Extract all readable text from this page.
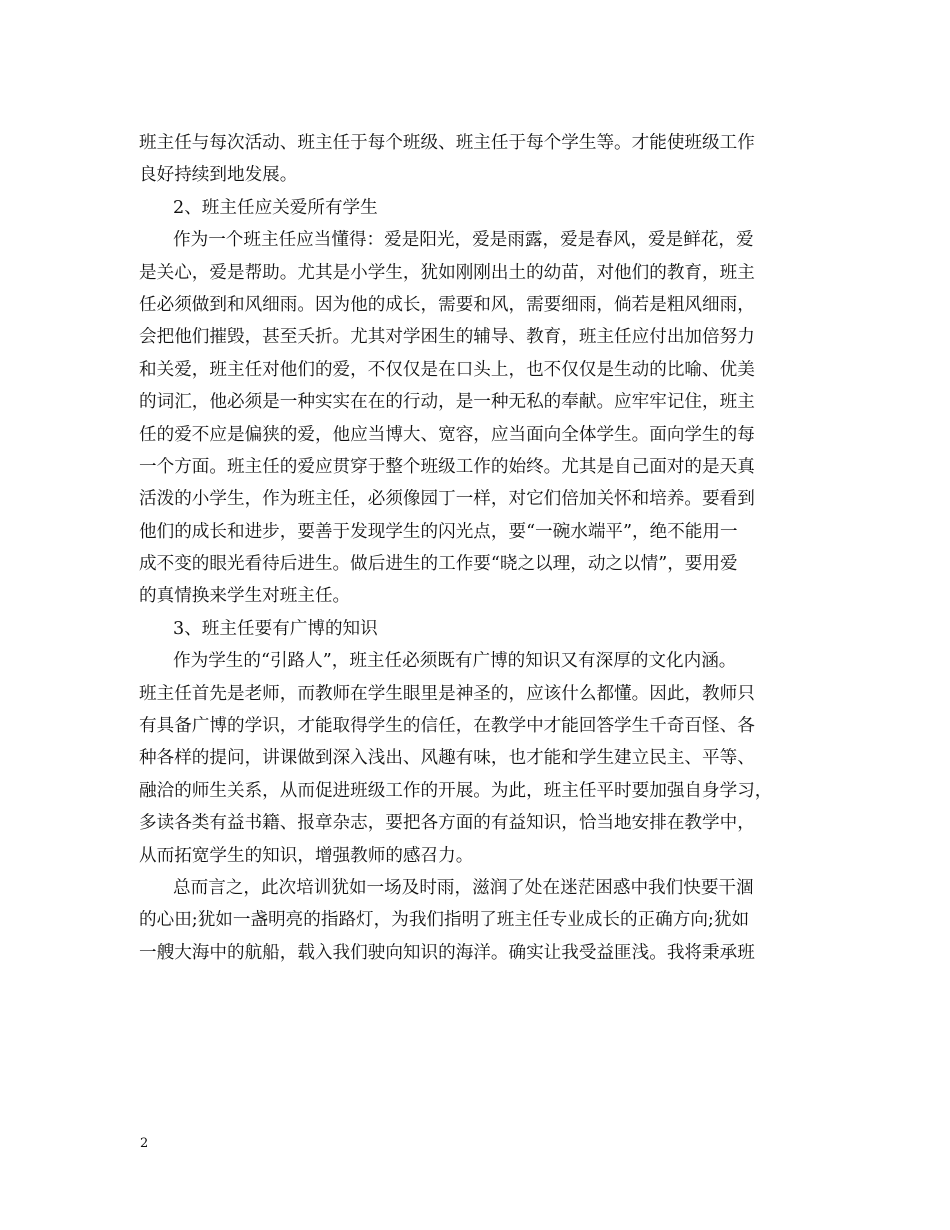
班主任与每次活动、班主任于每个班级、班主任于每个学生等。才能使班级工作
良好持续到地发展。
2、班主任应关爱所有学生
作为一个班主任应当懂得：爱是阳光，爱是雨露，爱是春风，爱是鲜花，爱
是关心，爱是帮助。尤其是小学生，犹如刚刚出土的幼苗，对他们的教育，班主
任必须做到和风细雨。因为他的成长，需要和风，需要细雨，倘若是粗风细雨，
会把他们摧毁，甚至夭折。尤其对学困生的辅导、教育，班主任应付出加倍努力
和关爱，班主任对他们的爱，不仅仅是在口头上，也不仅仅是生动的比喻、优美
的词汇，他必须是一种实实在在的行动，是一种无私的奉献。应牢牢记住，班主
任的爱不应是偏狭的爱，他应当博大、宽容，应当面向全体学生。面向学生的每
一个方面。班主任的爱应贯穿于整个班级工作的始终。尤其是自己面对的是天真
活泼的小学生，作为班主任，必须像园丁一样，对它们倍加关怀和培养。要看到
他们的成长和进步，要善于发现学生的闪光点，要“一碗水端平”，绝不能用一
成不变的眼光看待后进生。做后进生的工作要“晓之以理，动之以情”，要用爱
的真情换来学生对班主任。
3、班主任要有广博的知识
作为学生的“引路人”，班主任必须既有广博的知识又有深厚的文化内涵。
班主任首先是老师，而教师在学生眼里是神圣的，应该什么都懂。因此，教师只
有具备广博的学识，才能取得学生的信任，在教学中才能回答学生千奇百怪、各
种各样的提问，讲课做到深入浅出、风趣有味，也才能和学生建立民主、平等、
融洽的师生关系，从而促进班级工作的开展。为此，班主任平时要加强自身学习，
多读各类有益书籍、报章杂志，要把各方面的有益知识，恰当地安排在教学中，
从而拓宽学生的知识，增强教师的感召力。
总而言之，此次培训犹如一场及时雨，滋润了处在迷茫困惑中我们快要干涸
的心田;犹如一盏明亮的指路灯，为我们指明了班主任专业成长的正确方向;犹如
一艘大海中的航船，载入我们驶向知识的海洋。确实让我受益匪浅。我将秉承班
2
